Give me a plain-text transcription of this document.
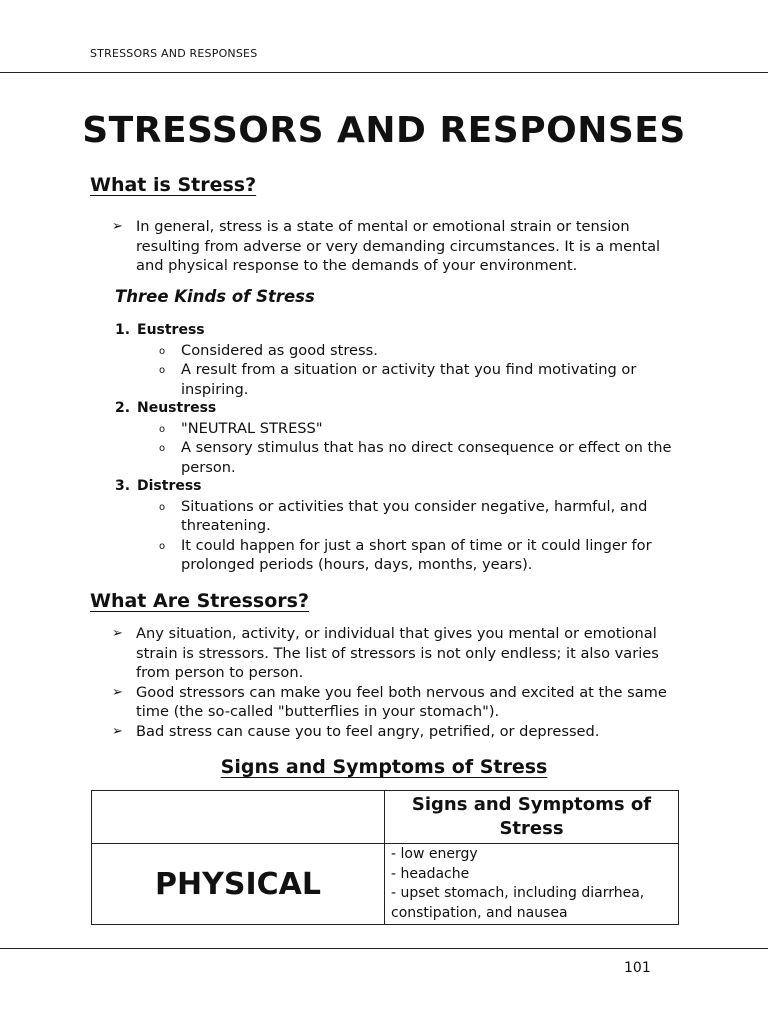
STRESSORS AND RESPONSES
STRESSORS AND RESPONSES
What is Stress?
➢ In general, stress is a state of mental or emotional strain or tension resulting from adverse or very demanding circumstances. It is a mental and physical response to the demands of your environment.
Three Kinds of Stress
1. Eustress
o Considered as good stress.
o A result from a situation or activity that you find motivating or inspiring.
2. Neustress
o "NEUTRAL STRESS"
o A sensory stimulus that has no direct consequence or effect on the person.
3. Distress
o Situations or activities that you consider negative, harmful, and threatening.
o It could happen for just a short span of time or it could linger for prolonged periods (hours, days, months, years).
What Are Stressors?
➢ Any situation, activity, or individual that gives you mental or emotional strain is stressors. The list of stressors is not only endless; it also varies from person to person.
➢ Good stressors can make you feel both nervous and excited at the same time (the so-called "butterflies in your stomach").
➢ Bad stress can cause you to feel angry, petrified, or depressed.
Signs and Symptoms of Stress

	Signs and Symptoms of Stress

PHYSICAL	- low energy
- headache
- upset stomach, including diarrhea, constipation, and nausea
101
